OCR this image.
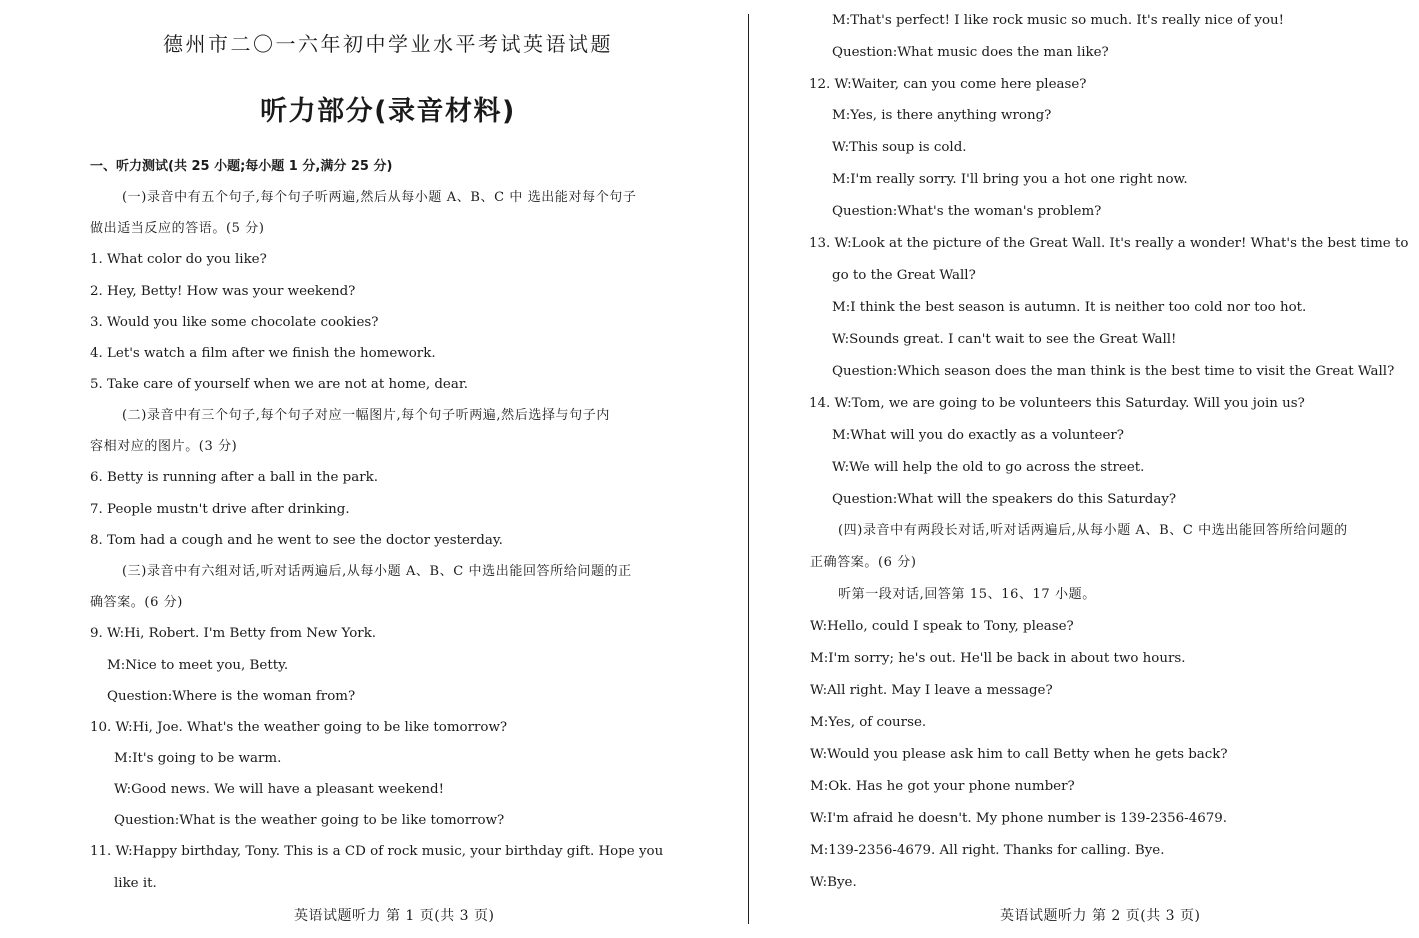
德州市二〇一六年初中学业水平考试英语试题
听力部分(录音材料)
一、听力测试(共 25 小题;每小题 1 分,满分 25 分)
(一)录音中有五个句子,每个句子听两遍,然后从每小题 A、B、C 中 选出能对每个句子
做出适当反应的答语。(5 分)
1. What color do you like?
2. Hey, Betty! How was your weekend?
3. Would you like some chocolate cookies?
4. Let's watch a film after we finish the homework.
5. Take care of yourself when we are not at home, dear.
(二)录音中有三个句子,每个句子对应一幅图片,每个句子听两遍,然后选择与句子内
容相对应的图片。(3 分)
6. Betty is running after a ball in the park.
7. People mustn't drive after drinking.
8. Tom had a cough and he went to see the doctor yesterday.
(三)录音中有六组对话,听对话两遍后,从每小题 A、B、C 中选出能回答所给问题的正
确答案。(6 分)
9. W:Hi, Robert. I'm Betty from New York.
M:Nice to meet you, Betty.
Question:Where is the woman from?
10. W:Hi, Joe. What's the weather going to be like tomorrow?
M:It's going to be warm.
W:Good news. We will have a pleasant weekend!
Question:What is the weather going to be like tomorrow?
11. W:Happy birthday, Tony. This is a CD of rock music, your birthday gift. Hope you
like it.
英语试题听力 第 1 页(共 3 页)
M:That's perfect! I like rock music so much. It's really nice of you!
Question:What music does the man like?
12. W:Waiter, can you come here please?
M:Yes, is there anything wrong?
W:This soup is cold.
M:I'm really sorry. I'll bring you a hot one right now.
Question:What's the woman's problem?
13. W:Look at the picture of the Great Wall. It's really a wonder! What's the best time to
go to the Great Wall?
M:I think the best season is autumn. It is neither too cold nor too hot.
W:Sounds great. I can't wait to see the Great Wall!
Question:Which season does the man think is the best time to visit the Great Wall?
14. W:Tom, we are going to be volunteers this Saturday. Will you join us?
M:What will you do exactly as a volunteer?
W:We will help the old to go across the street.
Question:What will the speakers do this Saturday?
(四)录音中有两段长对话,听对话两遍后,从每小题 A、B、C 中选出能回答所给问题的
正确答案。(6 分)
听第一段对话,回答第 15、16、17 小题。
W:Hello, could I speak to Tony, please?
M:I'm sorry; he's out. He'll be back in about two hours.
W:All right. May I leave a message?
M:Yes, of course.
W:Would you please ask him to call Betty when he gets back?
M:Ok. Has he got your phone number?
W:I'm afraid he doesn't. My phone number is 139-2356-4679.
M:139-2356-4679. All right. Thanks for calling. Bye.
W:Bye.
英语试题听力 第 2 页(共 3 页)
